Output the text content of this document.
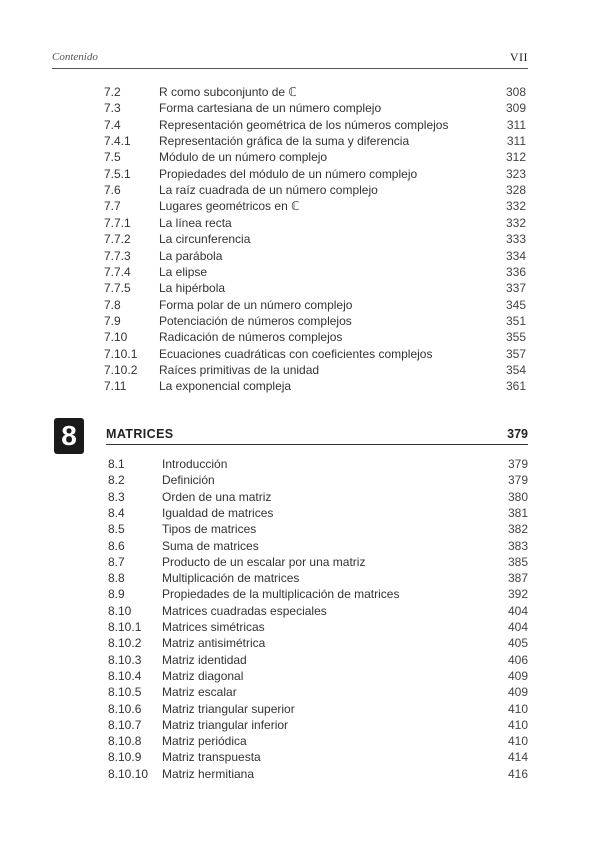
Contenido	VII
7.2	R como subconjunto de ℂ	308
7.3	Forma cartesiana de un número complejo	309
7.4	Representación geométrica de los números complejos	311
7.4.1 Representación gráfica de la suma y diferencia	311
7.5	Módulo de un número complejo	312
7.5.1 Propiedades del módulo de un número complejo	323
7.6	La raíz cuadrada de un número complejo	328
7.7	Lugares geométricos en ℂ	332
7.7.1 La línea recta	332
7.7.2 La circunferencia	333
7.7.3 La parábola	334
7.7.4 La elipse	336
7.7.5 La hipérbola	337
7.8	Forma polar de un número complejo	345
7.9	Potenciación de números complejos	351
7.10	Radicación de números complejos	355
7.10.1 Ecuaciones cuadráticas con coeficientes complejos	357
7.10.2 Raíces primitivas de la unidad	354
7.11	La exponencial compleja	361
8	MATRICES	379
8.1	Introducción	379
8.2	Definición	379
8.3	Orden de una matriz	380
8.4	Igualdad de matrices	381
8.5	Tipos de matrices	382
8.6	Suma de matrices	383
8.7	Producto de un escalar por una matriz	385
8.8	Multiplicación de matrices	387
8.9	Propiedades de la multiplicación de matrices	392
8.10	Matrices cuadradas especiales	404
8.10.1 Matrices simétricas	404
8.10.2 Matriz antisimétrica	405
8.10.3 Matriz identidad	406
8.10.4 Matriz diagonal	409
8.10.5 Matriz escalar	409
8.10.6 Matriz triangular superior	410
8.10.7 Matriz triangular inferior	410
8.10.8 Matriz periódica	410
8.10.9 Matriz transpuesta	414
8.10.10 Matriz hermitiana	416
